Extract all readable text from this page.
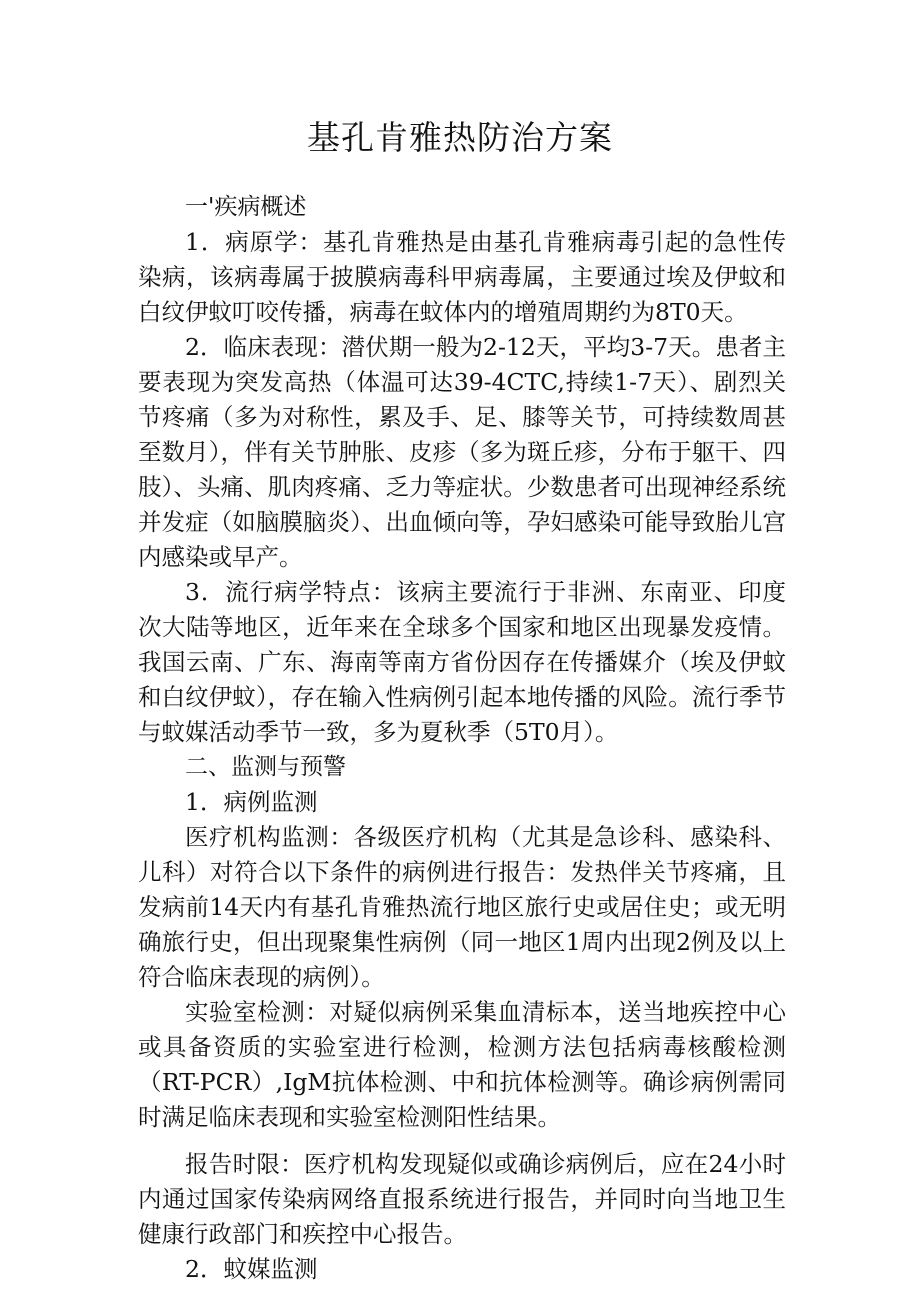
基孔肯雅热防治方案

一'疾病概述

1．病原学：基孔肯雅热是由基孔肯雅病毒引起的急性传染病，该病毒属于披膜病毒科甲病毒属，主要通过埃及伊蚊和白纹伊蚊叮咬传播，病毒在蚊体内的增殖周期约为8T0天。

2．临床表现：潜伏期一般为2-12天，平均3-7天。患者主要表现为突发高热（体温可达39-4CTC,持续1-7天）、剧烈关节疼痛（多为对称性，累及手、足、膝等关节，可持续数周甚至数月），伴有关节肿胀、皮疹（多为斑丘疹，分布于躯干、四肢）、头痛、肌肉疼痛、乏力等症状。少数患者可出现神经系统并发症（如脑膜脑炎）、出血倾向等，孕妇感染可能导致胎儿宫内感染或早产。

3．流行病学特点：该病主要流行于非洲、东南亚、印度次大陆等地区，近年来在全球多个国家和地区出现暴发疫情。我国云南、广东、海南等南方省份因存在传播媒介（埃及伊蚊和白纹伊蚊），存在输入性病例引起本地传播的风险。流行季节与蚊媒活动季节一致，多为夏秋季（5T0月）。

二、监测与预警

1．病例监测

医疗机构监测：各级医疗机构（尤其是急诊科、感染科、儿科）对符合以下条件的病例进行报告：发热伴关节疼痛，且发病前14天内有基孔肯雅热流行地区旅行史或居住史；或无明确旅行史，但出现聚集性病例（同一地区1周内出现2例及以上符合临床表现的病例）。

实验室检测：对疑似病例采集血清标本，送当地疾控中心或具备资质的实验室进行检测，检测方法包括病毒核酸检测（RT-PCR）,IgM抗体检测、中和抗体检测等。确诊病例需同时满足临床表现和实验室检测阳性结果。

报告时限：医疗机构发现疑似或确诊病例后，应在24小时内通过国家传染病网络直报系统进行报告，并同时向当地卫生健康行政部门和疾控中心报告。

2．蚊媒监测
